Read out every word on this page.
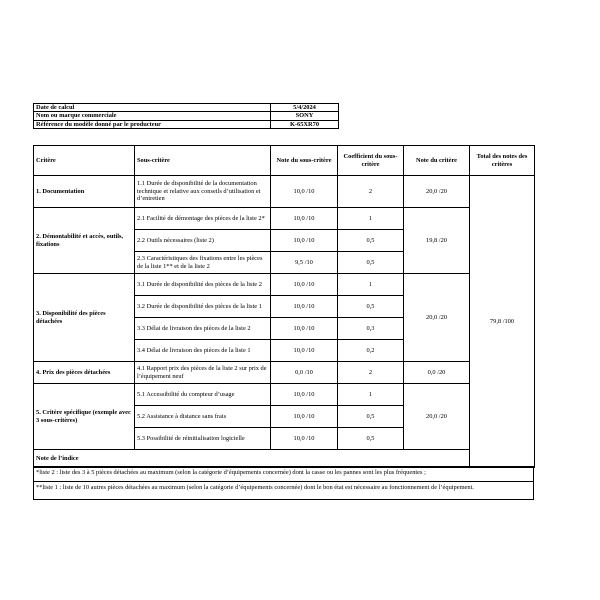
Date de calcul	5/4/2024
Nom ou marque commerciale	SONY
Référence du modèle donné par le producteur	K-65XR70
Critère	Sous-critère	Note du sous-critère	Coefficient du sous- critère	Note du critère	Total des notes des critères	
1. Documentation	1.1 Durée de disponibilité de la documentation technique et relative aux conseils d’utilisation et d’entretien	10,0 /10	2	20,0 /20	79,8 /100	
2. Démontabilité et accès, outils, fixations	2.1 Facilité de démontage des pièces de la liste 2*	10,0 /10	1	19,8 /20		
	2.2 Outils nécessaires (liste 2)	10,0 /10	0,5			
	2.3 Caractéristiques des fixations entre les pièces de la liste 1** et de la liste 2	9,5 /10	0,5			
3. Disponibilité des pièces détachées	3.1 Durée de disponibilité des pièces de la liste 2	10,0 /10	1	20,0 /20		
	3.2 Durée de disponibilité des pièces de la liste 1	10,0 /10	0,5			
	3.3 Délai de livraison des pièces de la liste 2	10,0 /10	0,3			
	3.4 Délai de livraison des pièces de la liste 1	10,0 /10	0,2			
4. Prix des pièces détachées	4.1 Rapport prix des pièces de la liste 2 sur prix de l’équipement neuf	0,0 /10	2	0,0 /20		
5. Critère spécifique (exemple avec 3 sous-critères)	5.1 Accessibilité du compteur d’usage	10,0 /10	1	20,0 /20		
	5.2 Assistance à distance sans frais	10,0 /10	0,5			
	5.3 Possibilité de réinitialisation logicielle	10,0 /10	0,5			
Note de l’indice	
*liste 2 : liste des 3 à 5 pièces détachées au maximum (selon la catégorie d’équipements concernée) dont la casse ou les pannes sont les plus fréquentes ;
**liste 1 : liste de 10 autres pièces détachées au maximum (selon la catégorie d’équipements concernée) dont le bon état est nécessaire au fonctionnement de l’équipement.
